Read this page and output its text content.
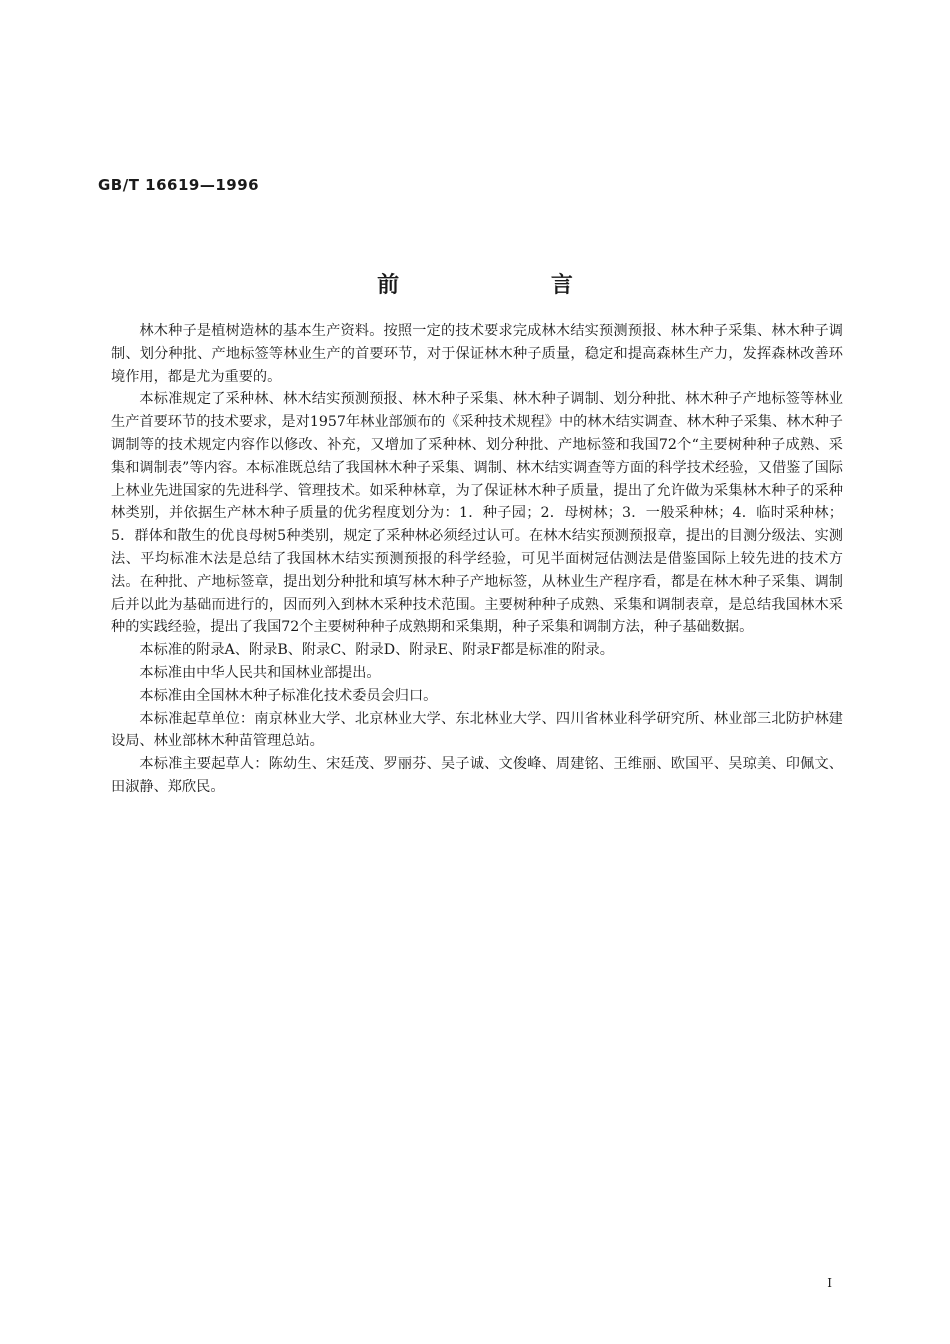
GB/T 16619—1996
前 言

林木种子是植树造林的基本生产资料。按照一定的技术要求完成林木结实预测预报、林木种子采集、林木种子调制、划分种批、产地标签等林业生产的首要环节，对于保证林木种子质量，稳定和提高森林生产力，发挥森林改善环境作用，都是尤为重要的。

本标准规定了采种林、林木结实预测预报、林木种子采集、林木种子调制、划分种批、林木种子产地标签等林业生产首要环节的技术要求，是对1957年林业部颁布的《采种技术规程》中的林木结实调查、林木种子采集、林木种子调制等的技术规定内容作以修改、补充，又增加了采种林、划分种批、产地标签和我国72个“主要树种种子成熟、采集和调制表”等内容。本标准既总结了我国林木种子采集、调制、林木结实调查等方面的科学技术经验，又借鉴了国际上林业先进国家的先进科学、管理技术。如采种林章，为了保证林木种子质量，提出了允许做为采集林木种子的采种林类别，并依据生产林木种子质量的优劣程度划分为：1．种子园；2．母树林；3．一般采种林；4．临时采种林；5．群体和散生的优良母树5种类别，规定了采种林必须经过认可。在林木结实预测预报章，提出的目测分级法、实测法、平均标准木法是总结了我国林木结实预测预报的科学经验，可见半面树冠估测法是借鉴国际上较先进的技术方法。在种批、产地标签章，提出划分种批和填写林木种子产地标签，从林业生产程序看，都是在林木种子采集、调制后并以此为基础而进行的，因而列入到林木采种技术范围。主要树种种子成熟、采集和调制表章，是总结我国林木采种的实践经验，提出了我国72个主要树种种子成熟期和采集期，种子采集和调制方法，种子基础数据。

本标准的附录A、附录B、附录C、附录D、附录E、附录F都是标准的附录。

本标准由中华人民共和国林业部提出。

本标准由全国林木种子标准化技术委员会归口。

本标准起草单位：南京林业大学、北京林业大学、东北林业大学、四川省林业科学研究所、林业部三北防护林建设局、林业部林木种苗管理总站。

本标准主要起草人：陈幼生、宋廷茂、罗丽芬、吴子诚、文俊峰、周建铭、王维丽、欧国平、吴琼美、印佩文、田淑静、郑欣民。

I
